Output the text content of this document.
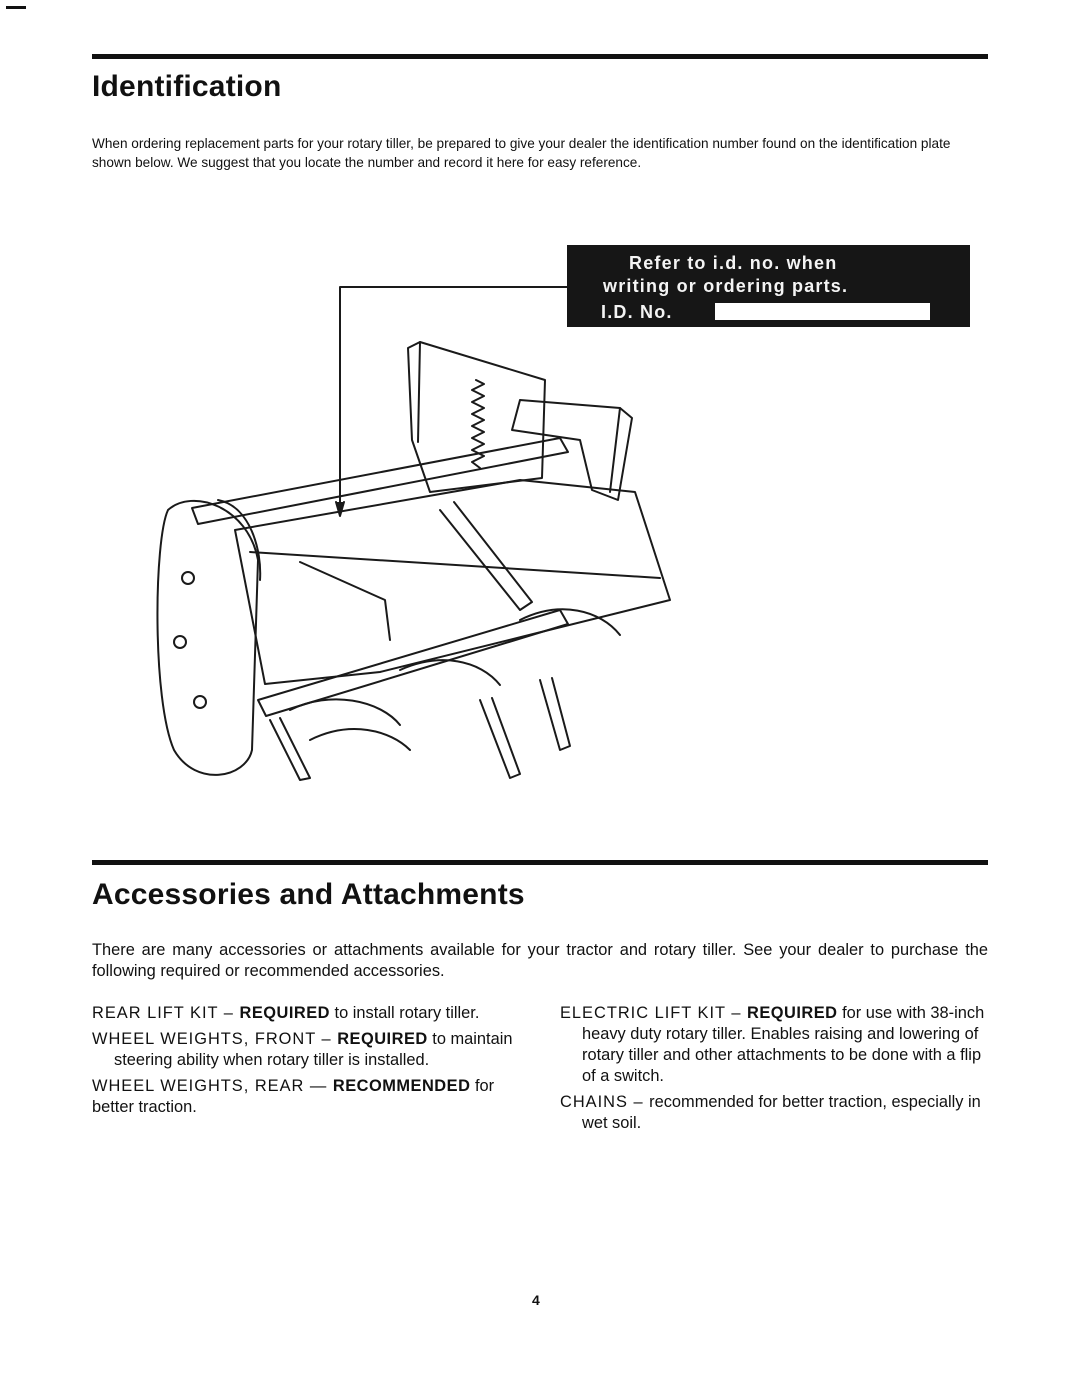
Identification

When ordering replacement parts for your rotary tiller, be prepared to give your dealer the identification number found on the identification plate shown below. We suggest that you locate the number and record it here for easy reference.

Refer to i.d. no. when
writing or ordering parts.
I.D. No.
Accessories and Attachments

There are many accessories or attachments available for your tractor and rotary tiller. See your dealer to purchase the following required or recommended accessories.

REAR LIFT KIT – REQUIRED to install rotary tiller.

WHEEL WEIGHTS, FRONT – REQUIRED to maintain steering ability when rotary tiller is installed.

WHEEL WEIGHTS, REAR — RECOMMENDED for better traction.

ELECTRIC LIFT KIT – REQUIRED for use with 38-inch heavy duty rotary tiller. Enables raising and lowering of rotary tiller and other attachments to be done with a flip of a switch.

CHAINS – recommended for better traction, especially in wet soil.

4
